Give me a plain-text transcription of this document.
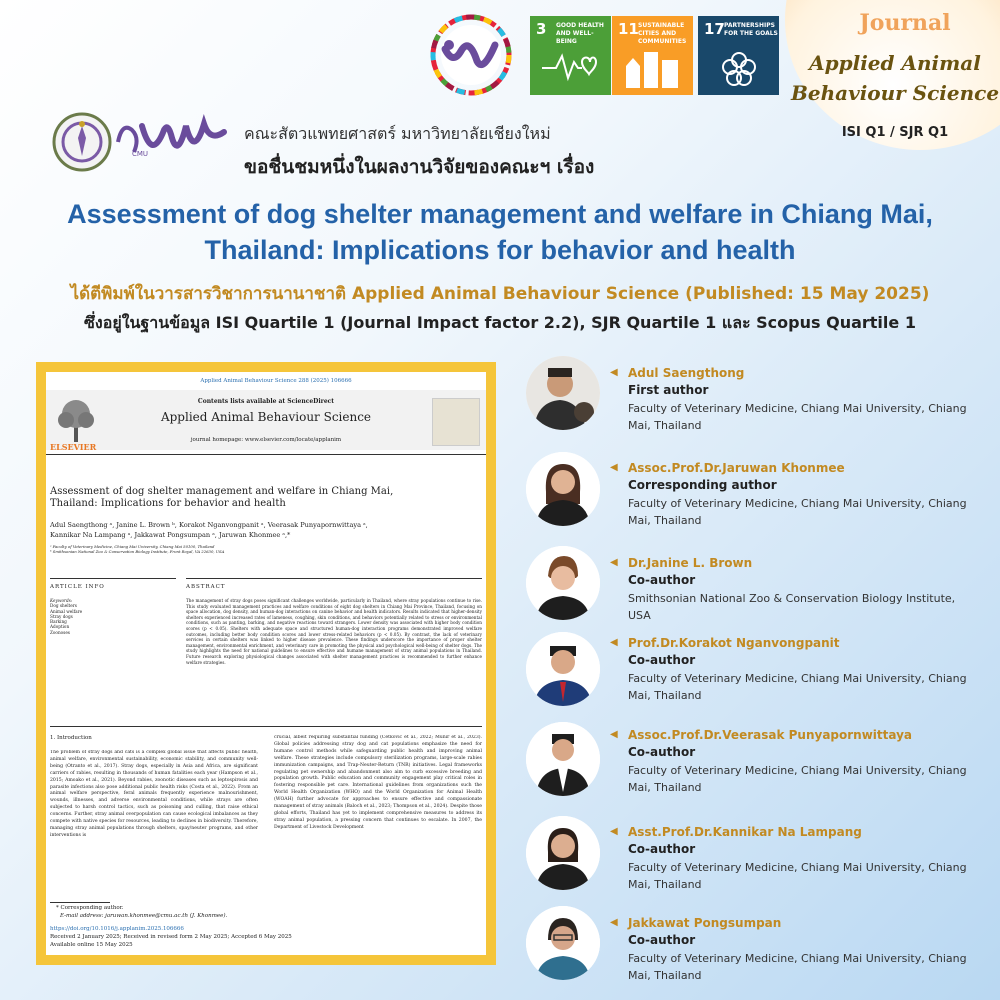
Journal
Applied Animal
Behaviour Science
ISI Q1 / SJR Q1
3 GOOD HEALTH AND WELL-BEING
11 SUSTAINABLE CITIES AND COMMUNITIES
17 PARTNERSHIPS FOR THE GOALS
CMU
คณะสัตวแพทยศาสตร์ มหาวิทยาลัยเชียงใหม่
ขอชื่นชมหนึ่งในผลงานวิจัยของคณะฯ เรื่อง
Assessment of dog shelter management and welfare in Chiang Mai,
Thailand: Implications for behavior and health
ได้ตีพิมพ์ในวารสารวิชาการนานาชาติ Applied Animal Behaviour Science (Published: 15 May 2025)
ซึ่งอยู่ในฐานข้อมูล ISI Quartile 1 (Journal Impact factor 2.2), SJR Quartile 1 และ Scopus Quartile 1
Applied Animal Behaviour Science 288 (2025) 106666
ELSEVIER
Contents lists available at ScienceDirect
Applied Animal Behaviour Science
journal homepage: www.elsevier.com/locate/applanim
Assessment of dog shelter management and welfare in Chiang Mai,
Thailand: Implications for behavior and health
Adul Saengthong ᵃ, Janine L. Brown ᵇ, Korakot Nganvongpanit ᵃ, Veerasak Punyapornwittaya ᵃ,
Kannikar Na Lampang ᵃ, Jakkawat Pongsumpan ᵃ, Jaruwan Khonmee ᵃ,*
ᵃ Faculty of Veterinary Medicine, Chiang Mai University, Chiang Mai 50100, Thailand
ᵇ Smithsonian National Zoo & Conservation Biology Institute, Front Royal, VA 22630, USA
ARTICLE INFO	ABSTRACT
Keywords:
Dog shelters
Animal welfare
Stray dogs
Barking
Adoption
Zoonoses
The management of stray dogs poses significant challenges worldwide, particularly in Thailand, where stray populations continue to rise. This study evaluated management practices and welfare conditions of eight dog shelters in Chiang Mai Province, Thailand, focusing on space allocation, dog density, and human-dog interactions on canine behavior and health indicators. Results indicated that higher-density shelters experienced increased rates of lameness, coughing, skin conditions, and behaviors potentially related to stress or environmental conditions, such as panting, barking, and negative reactions toward strangers. Lower density was associated with higher body condition scores (p < 0.05). Shelters with adequate space and structured human-dog interaction programs demonstrated improved welfare outcomes, including better body condition scores and lower stress-related behaviors (p < 0.05). By contrast, the lack of veterinary services in certain shelters was linked to higher disease prevalence. These findings underscore the importance of proper shelter management, environmental enrichment, and veterinary care in promoting the physical and psychological well-being of shelter dogs. The study highlights the need for national guidelines to ensure effective and humane management of stray animal populations in Thailand. Future research exploring physiological changes associated with shelter management practices is recommended to further enhance welfare strategies.
1. Introduction
The problem of stray dogs and cats is a complex global issue that affects public health, animal welfare, environmental sustainability, economic stability, and community well-being (Otranto et al., 2017). Stray dogs, especially in Asia and Africa, are significant carriers of rabies, resulting in thousands of human fatalities each year (Hampson et al., 2015; Amoako et al., 2021). Beyond rabies, zoonotic diseases such as leptospirosis and parasite infections also pose additional public health risks (Costa et al., 2022). From an animal welfare perspective, feral animals frequently experience malnourishment, wounds, illnesses, and adverse environmental conditions, while strays are often subjected to harsh control tactics, such as poisoning and culling, that raise ethical concerns. Further, stray animal overpopulation can cause ecological imbalances as they compete with native species for resources, leading to declines in biodiversity. Therefore, managing stray animal populations through shelters, spay/neuter programs, and other interventions is
crucial, albeit requiring substantial funding (Četković et al., 2022; Munir et al., 2023). Global policies addressing stray dog and cat populations emphasize the need for humane control methods while safeguarding public health and improving animal welfare. These strategies include compulsory sterilization programs, large-scale rabies immunization campaigns, and Trap-Neuter-Return (TNR) initiatives. Legal frameworks regulating pet ownership and abandonment also aim to curb excessive breeding and population growth. Public education and community engagement play critical roles in fostering responsible pet care. International guidelines from organizations such the World Health Organization (WHO) and the World Organization for Animal Health (WOAH) further advocate for approaches to ensure effective and compassionate management of stray animals (Baloch et al., 2023; Thompson et al., 2024). Despite those global efforts, Thailand has yet to implement comprehensive measures to address its stray animal population, a pressing concern that continues to escalate. In 2007, the Department of Livestock Development
* Corresponding author.
E-mail address: jaruwan.khonmee@cmu.ac.th (J. Khonmee).
https://doi.org/10.1016/j.applanim.2025.106666
Received 2 January 2025; Received in revised form 2 May 2025; Accepted 6 May 2025
Available online 15 May 2025
◀ Adul Saengthong
First author
Faculty of Veterinary Medicine, Chiang Mai University, Chiang Mai, Thailand
◀ Assoc.Prof.Dr.Jaruwan Khonmee
Corresponding author
Faculty of Veterinary Medicine, Chiang Mai University, Chiang Mai, Thailand
◀ Dr.Janine L. Brown
Co-author
Smithsonian National Zoo & Conservation Biology Institute, USA
◀ Prof.Dr.Korakot Nganvongpanit
Co-author
Faculty of Veterinary Medicine, Chiang Mai University, Chiang Mai, Thailand
◀ Assoc.Prof.Dr.Veerasak Punyapornwittaya
Co-author
Faculty of Veterinary Medicine, Chiang Mai University, Chiang Mai, Thailand
◀ Asst.Prof.Dr.Kannikar Na Lampang
Co-author
Faculty of Veterinary Medicine, Chiang Mai University, Chiang Mai, Thailand
◀ Jakkawat Pongsumpan
Co-author
Faculty of Veterinary Medicine, Chiang Mai University, Chiang Mai, Thailand
